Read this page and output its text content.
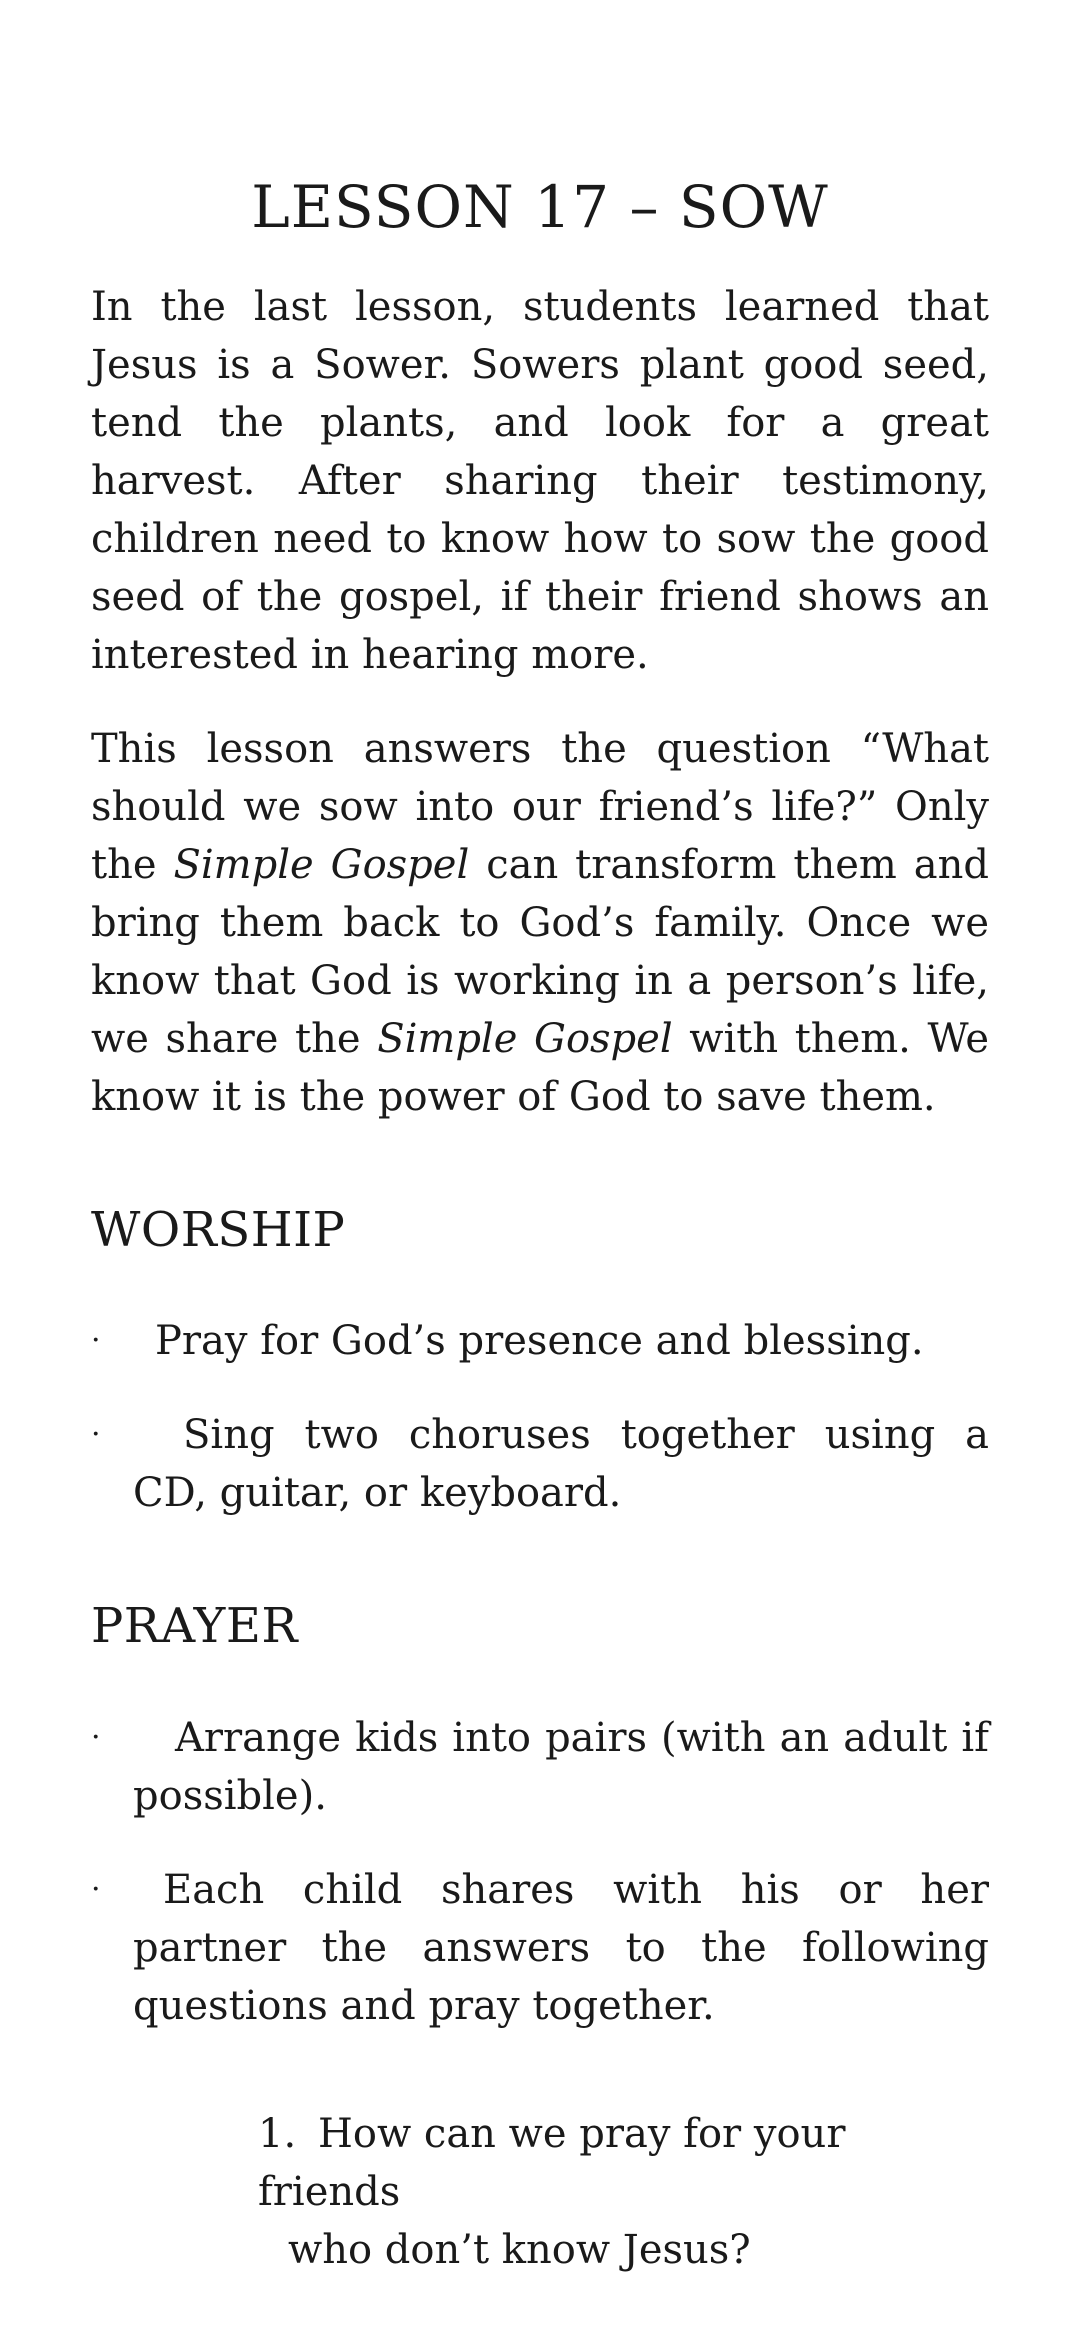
LESSON 17 – SOW

In the last lesson, students learned that Jesus is a Sower. Sowers plant good seed, tend the plants, and look for a great harvest. After sharing their testimony, children need to know how to sow the good seed of the gospel, if their friend shows an interested in hearing more.

This lesson answers the question “What should we sow into our friend’s life?” Only the Simple Gospel can transform them and bring them back to God’s family. Once we know that God is working in a person’s life, we share the Simple Gospel with them. We know it is the power of God to save them.

WORSHIP
·	Pray for God’s presence and blessing.
·	Sing two choruses together using a CD, guitar, or keyboard.
PRAYER
·	Arrange kids into pairs (with an adult if possible).
·	Each child shares with his or her partner the answers to the following questions and pray together.
1. How can we pray for your friends
who don’t know Jesus?
